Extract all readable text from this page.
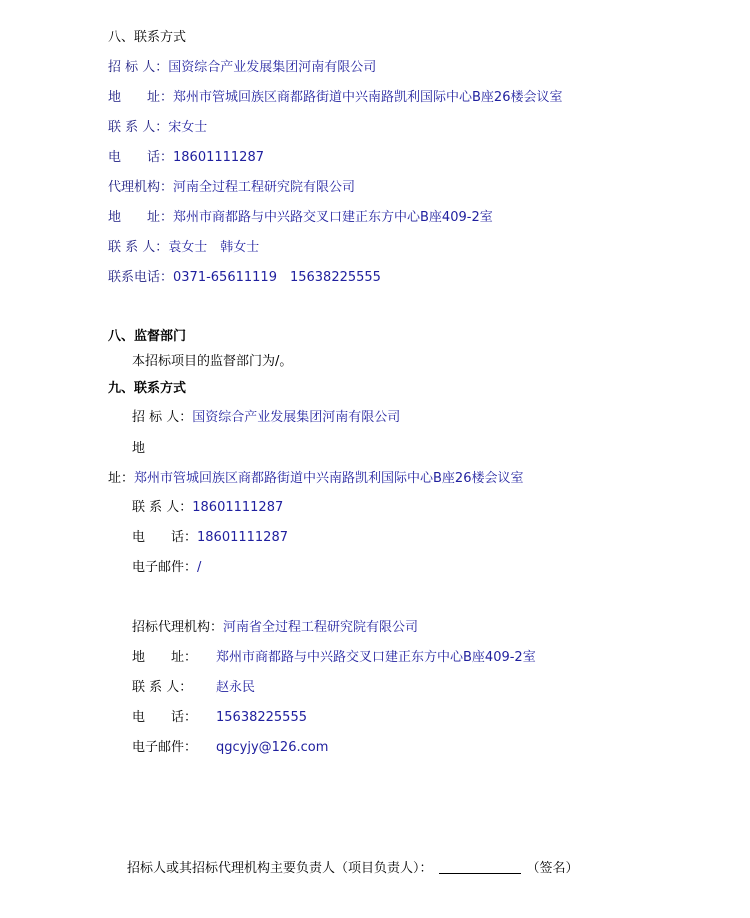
八、联系方式
招 标 人：国资综合产业发展集团河南有限公司
地　　址：郑州市管城回族区商都路街道中兴南路凯利国际中心B座26楼会议室
联 系 人：宋女士
电　　话：18601111287
代理机构：河南全过程工程研究院有限公司
地　　址：郑州市商都路与中兴路交叉口建正东方中心B座409-2室
联 系 人：袁女士　韩女士
联系电话：0371-65611119　15638225555
八、监督部门
本招标项目的监督部门为/。
九、联系方式
招 标 人：国资综合产业发展集团河南有限公司
地
址：郑州市管城回族区商都路街道中兴南路凯利国际中心B座26楼会议室
联 系 人：18601111287
电　　话：18601111287
电子邮件：/
招标代理机构：河南省全过程工程研究院有限公司
地　　址： 郑州市商都路与中兴路交叉口建正东方中心B座409-2室
联 系 人： 赵永民
电　　话： 15638225555
电子邮件： qgcyjy@126.com
招标人或其招标代理机构主要负责人（项目负责人）：	（签名）
